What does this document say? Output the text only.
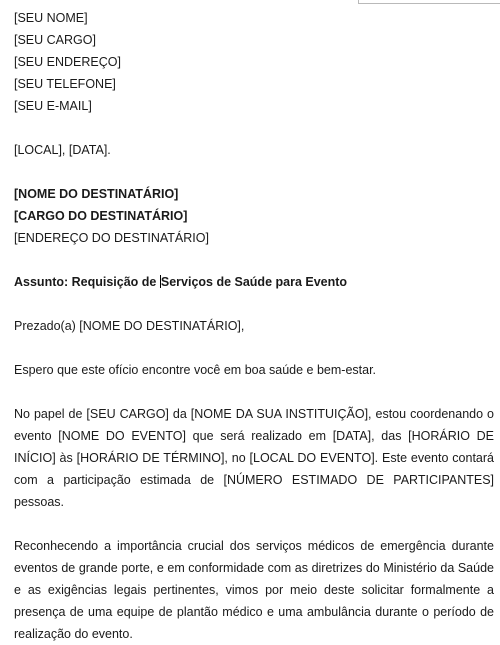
[SEU NOME]
[SEU CARGO]
[SEU ENDEREÇO]
[SEU TELEFONE]
[SEU E-MAIL]
[LOCAL], [DATA].
[NOME DO DESTINATÁRIO]
[CARGO DO DESTINATÁRIO]
[ENDEREÇO DO DESTINATÁRIO]
Assunto: Requisição de Serviços de Saúde para Evento
Prezado(a) [NOME DO DESTINATÁRIO],

Espero que este ofício encontre você em boa saúde e bem-estar.

No papel de [SEU CARGO] da [NOME DA SUA INSTITUIÇÃO], estou coordenando o evento [NOME DO EVENTO] que será realizado em [DATA], das [HORÁRIO DE INÍCIO] às [HORÁRIO DE TÉRMINO], no [LOCAL DO EVENTO]. Este evento contará com a participação estimada de [NÚMERO ESTIMADO DE PARTICIPANTES] pessoas.

Reconhecendo a importância crucial dos serviços médicos de emergência durante eventos de grande porte, e em conformidade com as diretrizes do Ministério da Saúde e as exigências legais pertinentes, vimos por meio deste solicitar formalmente a presença de uma equipe de plantão médico e uma ambulância durante o período de realização do evento.
